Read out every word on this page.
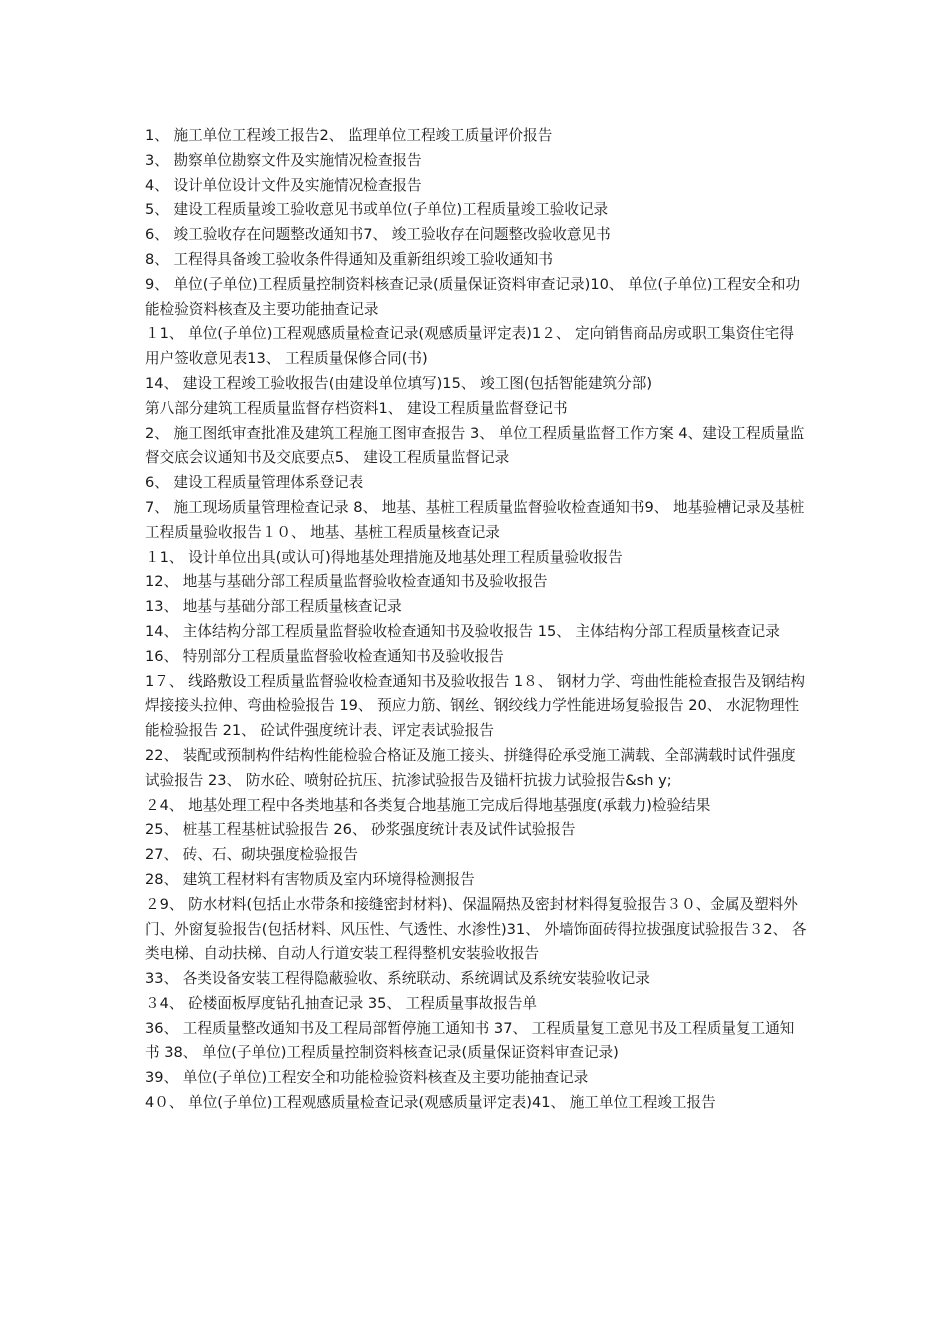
1、 施工单位工程竣工报告2、 监理单位工程竣工质量评价报告

3、 勘察单位勘察文件及实施情况检查报告

4、 设计单位设计文件及实施情况检查报告

5、 建设工程质量竣工验收意见书或单位(子单位)工程质量竣工验收记录

6、 竣工验收存在问题整改通知书7、 竣工验收存在问题整改验收意见书

8、 工程得具备竣工验收条件得通知及重新组织竣工验收通知书

9、 单位(子单位)工程质量控制资料核查记录(质量保证资料审查记录)10、 单位(子单位)工程安全和功能检验资料核查及主要功能抽查记录

１1、 单位(子单位)工程观感质量检查记录(观感质量评定表)1２、 定向销售商品房或职工集资住宅得用户签收意见表13、 工程质量保修合同(书)

14、 建设工程竣工验收报告(由建设单位填写)15、 竣工图(包括智能建筑分部)

第八部分建筑工程质量监督存档资料1、 建设工程质量监督登记书

2、 施工图纸审查批准及建筑工程施工图审查报告 3、 单位工程质量监督工作方案 4、建设工程质量监督交底会议通知书及交底要点5、 建设工程质量监督记录

6、 建设工程质量管理体系登记表

7、 施工现场质量管理检查记录 8、 地基、基桩工程质量监督验收检查通知书9、 地基验槽记录及基桩工程质量验收报告１０、 地基、基桩工程质量核查记录

１1、 设计单位出具(或认可)得地基处理措施及地基处理工程质量验收报告

12、 地基与基础分部工程质量监督验收检查通知书及验收报告

13、 地基与基础分部工程质量核查记录

14、 主体结构分部工程质量监督验收检查通知书及验收报告 15、 主体结构分部工程质量核查记录

16、 特别部分工程质量监督验收检查通知书及验收报告

1７、 线路敷设工程质量监督验收检查通知书及验收报告 1８、 钢材力学、弯曲性能检查报告及钢结构焊接接头拉伸、弯曲检验报告 19、 预应力筋、钢丝、钢绞线力学性能进场复验报告 20、 水泥物理性能检验报告 21、 砼试件强度统计表、评定表试验报告

22、 装配或预制构件结构性能检验合格证及施工接头、拼缝得砼承受施工满载、全部满载时试件强度试验报告 23、 防水砼、喷射砼抗压、抗渗试验报告及锚杆抗拔力试验报告&sh y;

２4、 地基处理工程中各类地基和各类复合地基施工完成后得地基强度(承载力)检验结果

25、 桩基工程基桩试验报告 26、 砂浆强度统计表及试件试验报告

27、 砖、石、砌块强度检验报告

28、 建筑工程材料有害物质及室内环境得检测报告

２9、 防水材料(包括止水带条和接缝密封材料)、保温隔热及密封材料得复验报告３０、金属及塑料外门、外窗复验报告(包括材料、风压性、气透性、水渗性)31、 外墙饰面砖得拉拔强度试验报告３2、 各类电梯、自动扶梯、自动人行道安装工程得整机安装验收报告

33、 各类设备安装工程得隐蔽验收、系统联动、系统调试及系统安装验收记录

３4、 砼楼面板厚度钻孔抽查记录 35、 工程质量事故报告单

36、 工程质量整改通知书及工程局部暂停施工通知书 37、 工程质量复工意见书及工程质量复工通知书 38、 单位(子单位)工程质量控制资料核查记录(质量保证资料审查记录)

39、 单位(子单位)工程安全和功能检验资料核查及主要功能抽查记录

4０、 单位(子单位)工程观感质量检查记录(观感质量评定表)41、 施工单位工程竣工报告
